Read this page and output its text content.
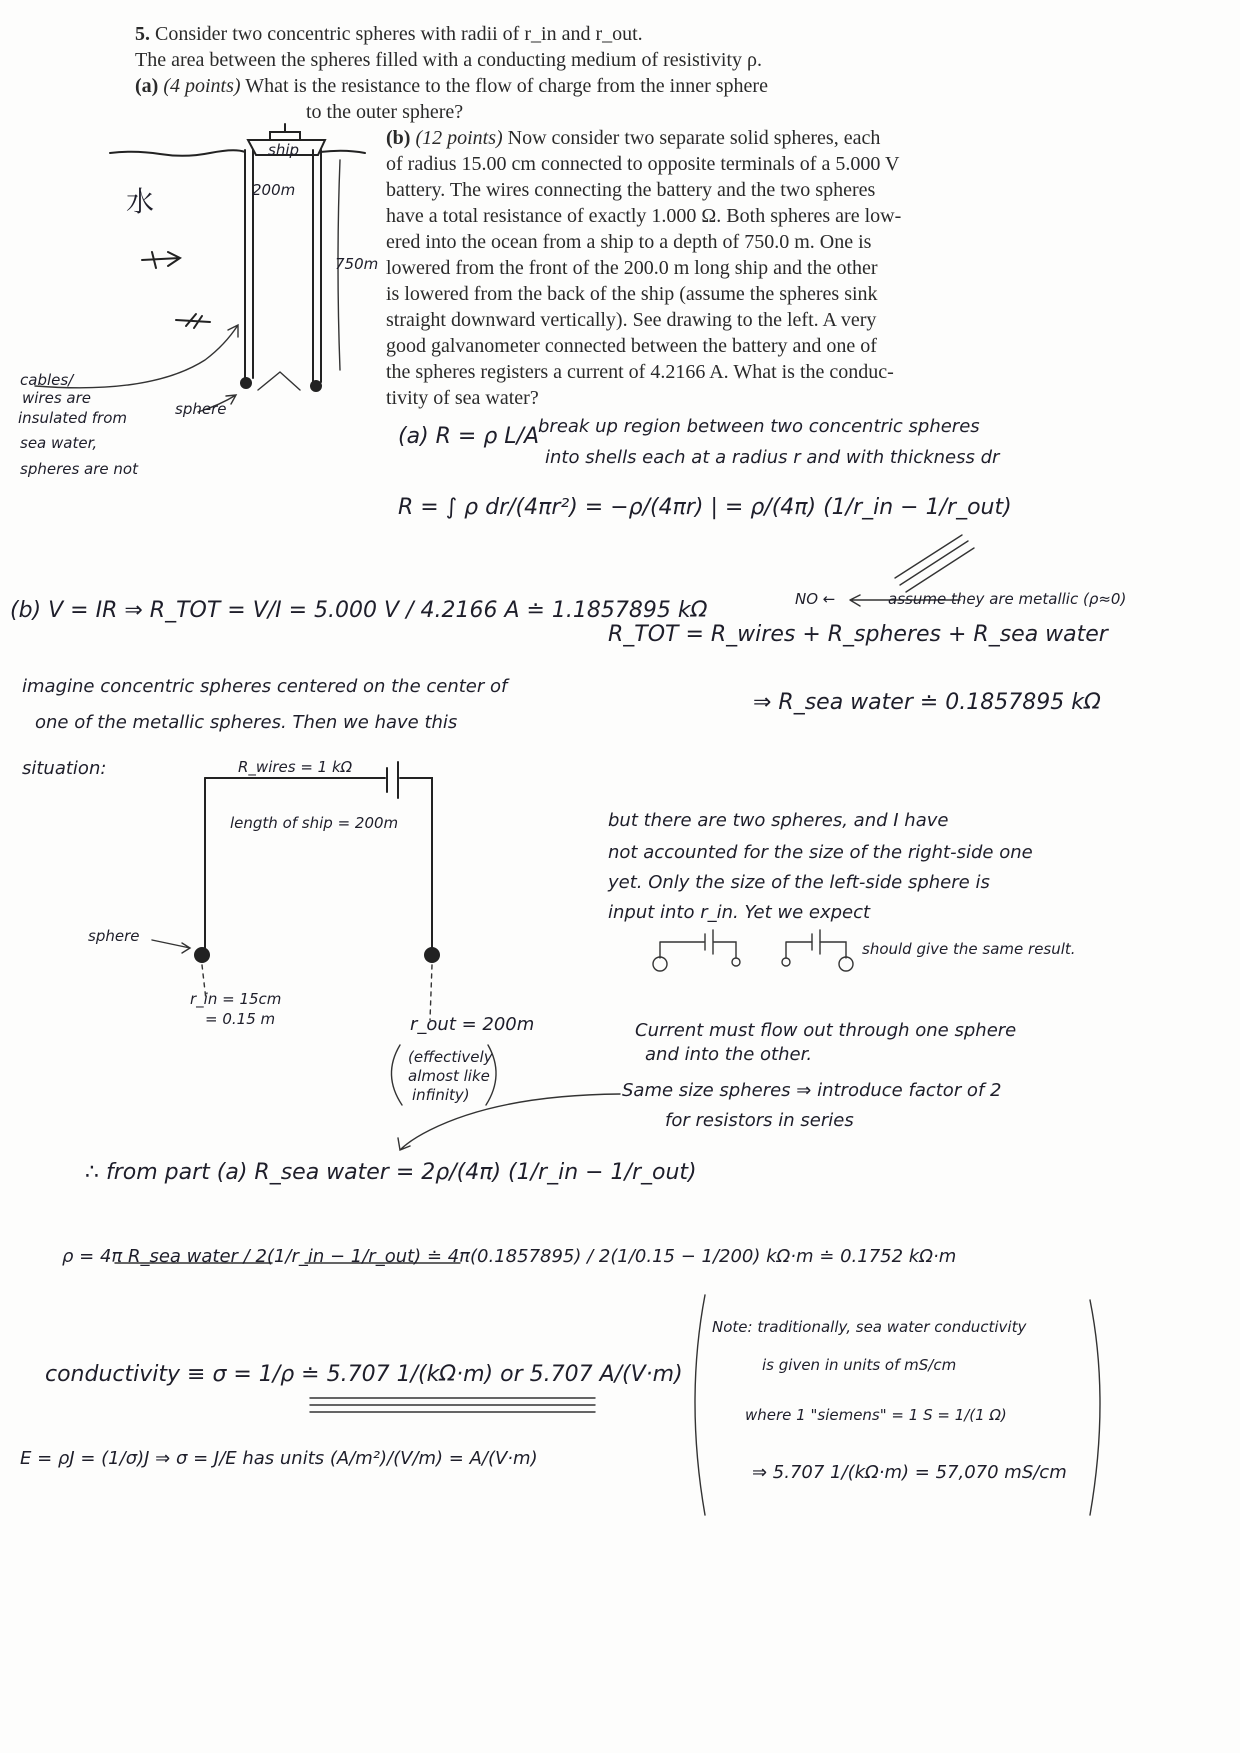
5. Consider two concentric spheres with radii of r_in and r_out.
The area between the spheres filled with a conducting medium of resistivity ρ.
(a) (4 points) What is the resistance to the flow of charge from the inner sphere
to the outer sphere?
(b) (12 points) Now consider two separate solid spheres, each
of radius 15.00 cm connected to opposite terminals of a 5.000 V
battery. The wires connecting the battery and the two spheres
have a total resistance of exactly 1.000 Ω. Both spheres are low-
ered into the ocean from a ship to a depth of 750.0 m. One is
lowered from the front of the 200.0 m long ship and the other
is lowered from the back of the ship (assume the spheres sink
straight downward vertically). See drawing to the left. A very
good galvanometer connected between the battery and one of
the spheres registers a current of 4.2166 A. What is the conduc-
tivity of sea water?
ship
200m
750m
水
sphere
cables/
wires are
insulated from
sea water,
spheres are not
(a) R = ρ L/A
break up region between two concentric spheres
into shells each at a radius r and with thickness dr
R = ∫ ρ dr/(4πr²) = −ρ/(4πr) | = ρ/(4π) (1/r_in − 1/r_out)
(b) V = IR ⇒ R_TOT = V/I = 5.000 V / 4.2166 A ≐ 1.1857895 kΩ
R_TOT = R_wires + R_spheres + R_sea water
NO ←	assume they are metallic (ρ≈0)
⇒ R_sea water ≐ 0.1857895 kΩ
imagine concentric spheres centered on the center of
one of the metallic spheres. Then we have this
situation:	R_wires = 1 kΩ
length of ship = 200m
sphere
r_in = 15cm
= 0.15 m	r_out = 200m
(effectively
almost like
infinity)
but there are two spheres, and I have
not accounted for the size of the right-side one
yet. Only the size of the left-side sphere is
input into r_in. Yet we expect
should give the same result.
Current must flow out through one sphere
and into the other.
Same size spheres ⇒ introduce factor of 2
for resistors in series
∴ from part (a) R_sea water = 2ρ/(4π) (1/r_in − 1/r_out)
ρ = 4π R_sea water / 2(1/r_in − 1/r_out) ≐ 4π(0.1857895) / 2(1/0.15 − 1/200) kΩ·m ≐ 0.1752 kΩ·m
conductivity ≡ σ = 1/ρ ≐ 5.707 1/(kΩ·m) or 5.707 A/(V·m)
E = ρJ = (1/σ)J ⇒ σ = J/E has units (A/m²)/(V/m) = A/(V·m)
Note: traditionally, sea water conductivity
is given in units of mS/cm
where 1 "siemens" = 1 S = 1/(1 Ω)
⇒ 5.707 1/(kΩ·m) = 57,070 mS/cm
